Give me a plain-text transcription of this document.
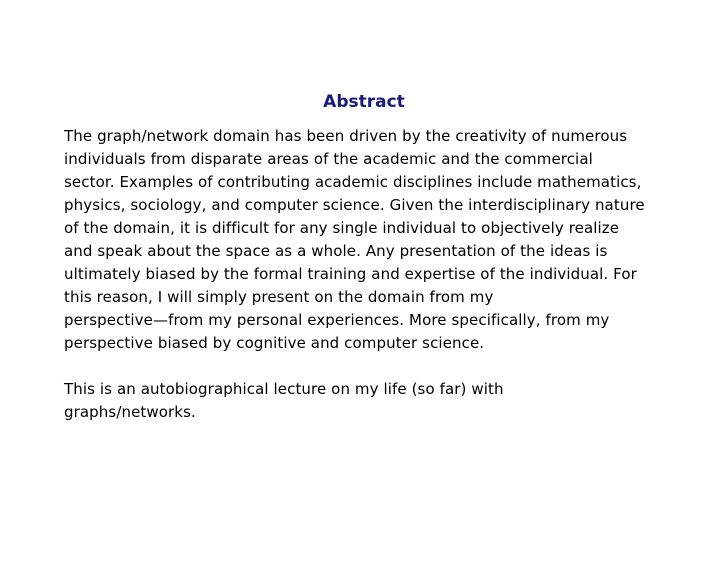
Abstract
The graph/network domain has been driven by the creativity of numerous
individuals from disparate areas of the academic and the commercial
sector. Examples of contributing academic disciplines include mathematics,
physics, sociology, and computer science. Given the interdisciplinary nature
of the domain, it is difficult for any single individual to objectively realize
and speak about the space as a whole. Any presentation of the ideas is
ultimately biased by the formal training and expertise of the individual. For
this reason, I will simply present on the domain from my
perspective—from my personal experiences. More specifically, from my
perspective biased by cognitive and computer science.
This is an autobiographical lecture on my life (so far) with
graphs/networks.
